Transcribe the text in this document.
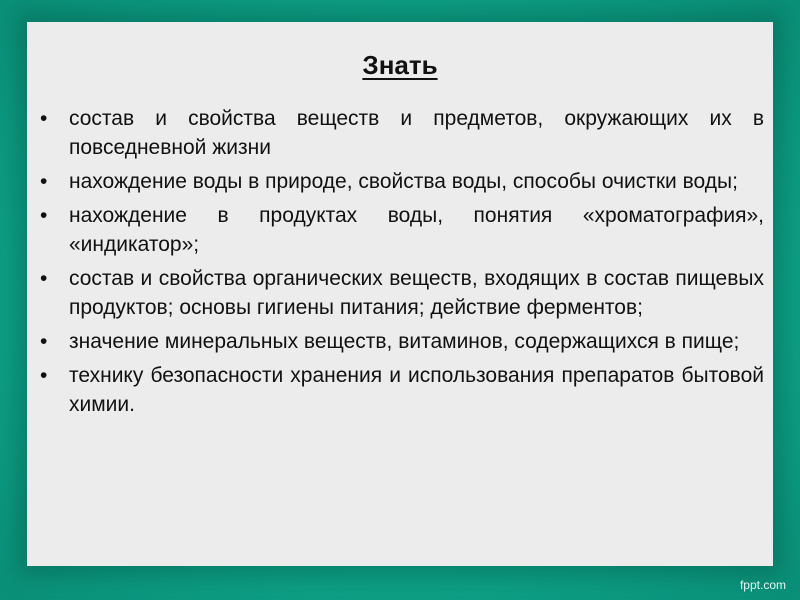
Знать
•	состав и свойства веществ и предметов, окружающих их в повседневной жизни
•	нахождение воды в природе, свойства воды, способы очистки воды;
•	нахождение в продуктах воды, понятия «хроматография», «индикатор»;
•	состав и свойства органических веществ, входящих в состав пищевых продуктов; основы гигиены питания; действие ферментов;
•	значение минеральных веществ, витаминов, содержащихся в пище;
•	технику безопасности хранения и использования препаратов бытовой химии.
fppt.com
